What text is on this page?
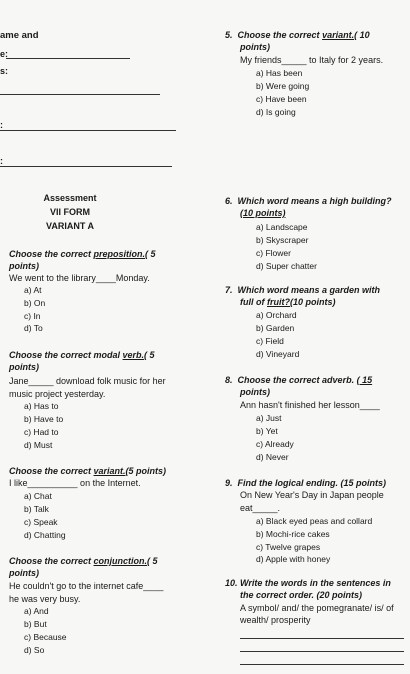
ame and
e:
s:
:
:
Assessment
VII FORM
VARIANT A
Choose the correct preposition.( 5
points)
We went to the library____Monday.
a) At
b) On
c) In
d) To
Choose the correct modal verb.( 5
points)
Jane_____ download folk music for her
music project yesterday.
a) Has to
b) Have to
c) Had to
d) Must
Choose the correct variant.(5 points)
I like__________ on the Internet.
a) Chat
b) Talk
c) Speak
d) Chatting
Choose the correct conjunction.( 5
points)
He couldn't go to the internet cafe____
he was very busy.
a) And
b) But
c) Because
d) So
5. Choose the correct variant.( 10
points)
My friends_____ to Italy for 2 years.
a) Has been
b) Were going
c) Have been
d) Is going
6. Which word means a high building?
(10 points)
a) Landscape
b) Skyscraper
c) Flower
d) Super chatter
7. Which word means a garden with
full of fruit?(10 points)
a) Orchard
b) Garden
c) Field
d) Vineyard
8. Choose the correct adverb. ( 15
points)
Ann hasn't finished her lesson____
a) Just
b) Yet
c) Already
d) Never
9. Find the logical ending. (15 points)
On New Year's Day in Japan people
eat_____.
a) Black eyed peas and collard
b) Mochi-rice cakes
c) Twelve grapes
d) Apple with honey
10. Write the words in the sentences in
the correct order. (20 points)
A symbol/ and/ the pomegranate/ is/ of
wealth/ prosperity
